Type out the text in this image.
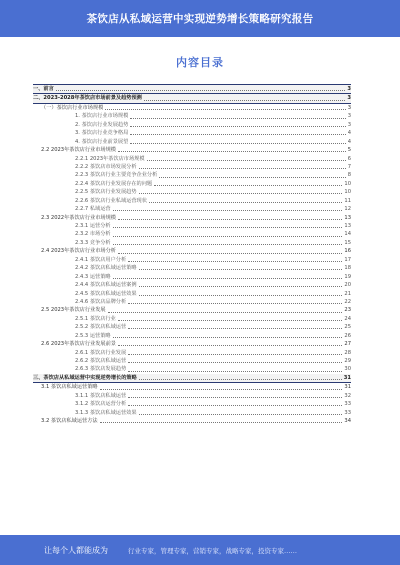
茶饮店从私域运营中实现逆势增长策略研究报告
内容目录
一、前言	3
二、2023-2028年茶饮店市场前景及趋势预测	3
（一）茶饮店行业市场规模	3
1. 茶饮店行业市场规模	3
2. 茶饮店行业发展趋势	3
3. 茶饮店行业竞争格局	4
4. 茶饮店行业前景展望	4
2.2 2023年茶饮店行业市场规模	5
2.2.1 2023年茶饮店市场规模	6
2.2.2 茶饮店市场发展分析	7
2.2.3 茶饮店行业主要竞争企业分析	8
2.2.4 茶饮店行业发展存在的问题	10
2.2.5 茶饮店行业发展趋势	10
2.2.6 茶饮店行业私域运营现状	11
2.2.7 私域运营	12
2.3 2022年茶饮店行业市场规模	13
2.3.1 运营分析	13
2.3.2 市场分析	14
2.3.3 竞争分析	15
2.4 2023年茶饮店行业市场分析	16
2.4.1 茶饮店用户分析	17
2.4.2 茶饮店私域运营策略	18
2.4.3 运营策略	19
2.4.4 茶饮店私域运营案例	20
2.4.5 茶饮店私域运营效果	21
2.4.6 茶饮店品牌分析	22
2.5 2023年茶饮店行业发展	23
2.5.1 茶饮店行业	24
2.5.2 茶饮店私域运营	25
2.5.3 运营策略	26
2.6 2023年茶饮店行业发展前景	27
2.6.1 茶饮店行业发展	28
2.6.2 茶饮店私域运营	29
2.6.3 茶饮店发展趋势	30
三、茶饮店从私域运营中实现逆势增长的策略	31
3.1 茶饮店私域运营策略	31
3.1.1 茶饮店私域运营	32
3.1.2 茶饮店运营分析	33
3.1.3 茶饮店私域运营效果	33
3.2 茶饮店私域运营方法	34
让每个人都能成为	行业专家，管理专家，营销专家，战略专家，投资专家……
